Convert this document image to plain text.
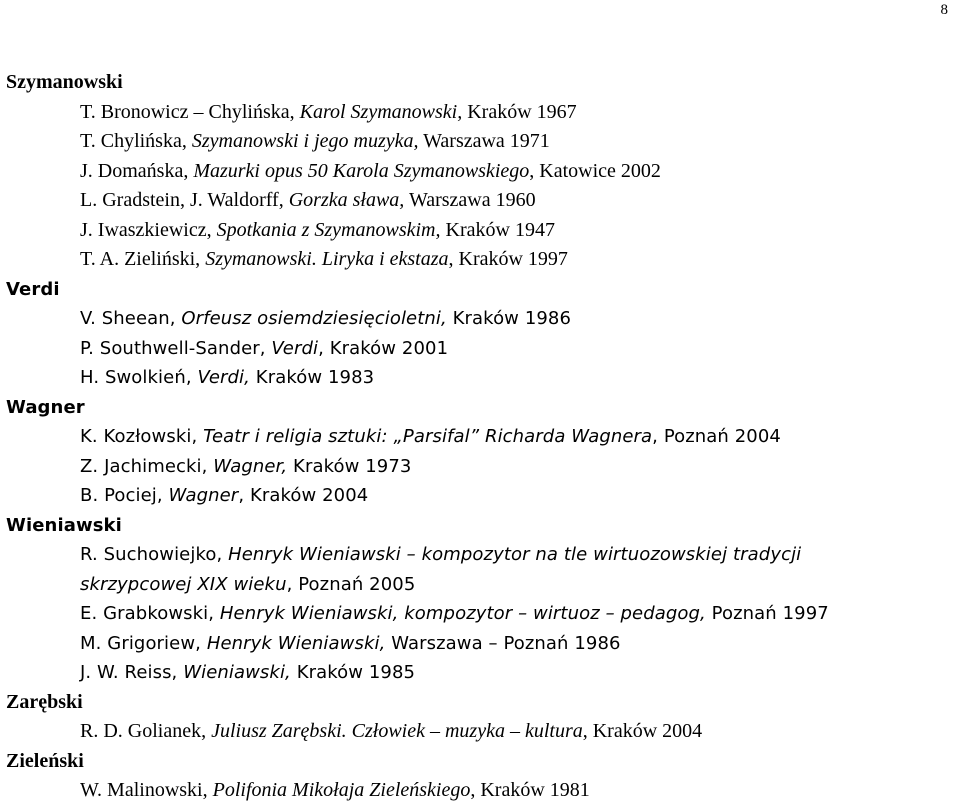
8

Szymanowski

T. Bronowicz – Chylińska, Karol Szymanowski, Kraków 1967

T. Chylińska, Szymanowski i jego muzyka, Warszawa 1971

J. Domańska, Mazurki opus 50 Karola Szymanowskiego, Katowice 2002

L. Gradstein, J. Waldorff, Gorzka sława, Warszawa 1960

J. Iwaszkiewicz, Spotkania z Szymanowskim, Kraków 1947

T. A. Zieliński, Szymanowski. Liryka i ekstaza, Kraków 1997

Verdi

V. Sheean, Orfeusz osiemdziesięcioletni, Kraków 1986

P. Southwell-Sander, Verdi, Kraków 2001

H. Swolkień, Verdi, Kraków 1983

Wagner

K. Kozłowski, Teatr i religia sztuki: „Parsifal” Richarda Wagnera, Poznań 2004

Z. Jachimecki, Wagner, Kraków 1973

B. Pociej, Wagner, Kraków 2004

Wieniawski

R. Suchowiejko, Henryk Wieniawski – kompozytor na tle wirtuozowskiej tradycji skrzypcowej XIX wieku, Poznań 2005

E. Grabkowski, Henryk Wieniawski, kompozytor – wirtuoz – pedagog, Poznań 1997

M. Grigoriew, Henryk Wieniawski, Warszawa – Poznań 1986

J. W. Reiss, Wieniawski, Kraków 1985

Zarębski

R. D. Golianek, Juliusz Zarębski. Człowiek – muzyka – kultura, Kraków 2004

Zieleński

W. Malinowski, Polifonia Mikołaja Zieleńskiego, Kraków 1981
